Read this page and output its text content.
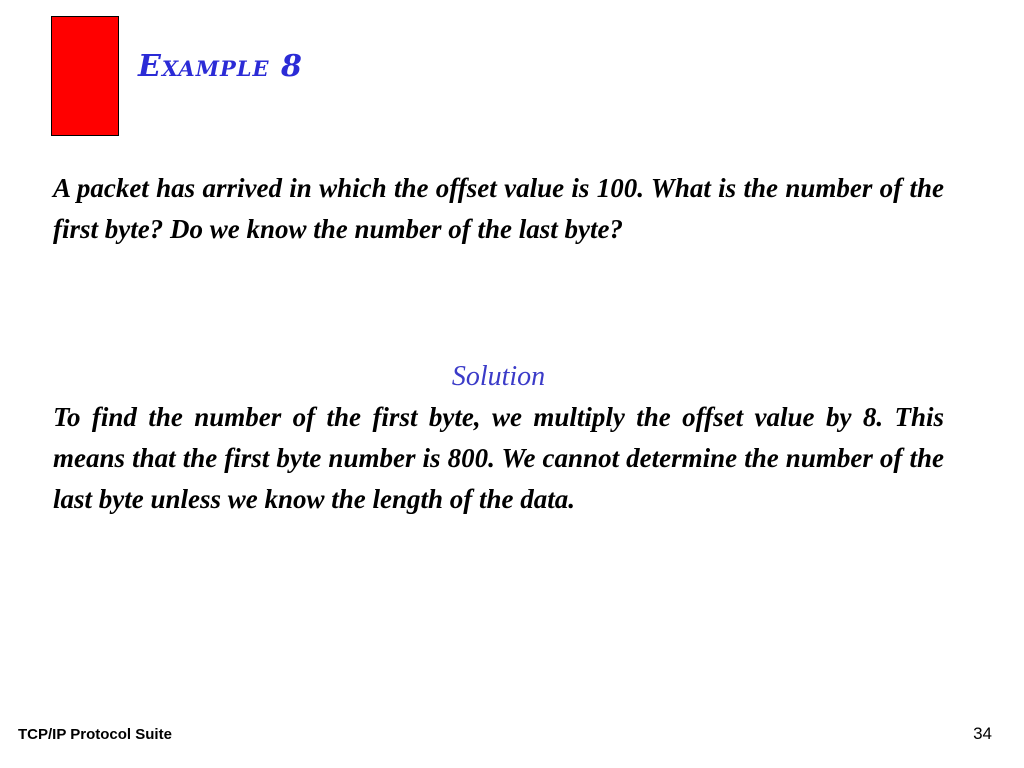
Example 8

A packet has arrived in which the offset value is 100. What is the number of the first byte? Do we know the number of the last byte?

Solution

To find the number of the first byte, we multiply the offset value by 8. This means that the first byte number is 800. We cannot determine the number of the last byte unless we know the length of the data.

TCP/IP Protocol Suite	34
